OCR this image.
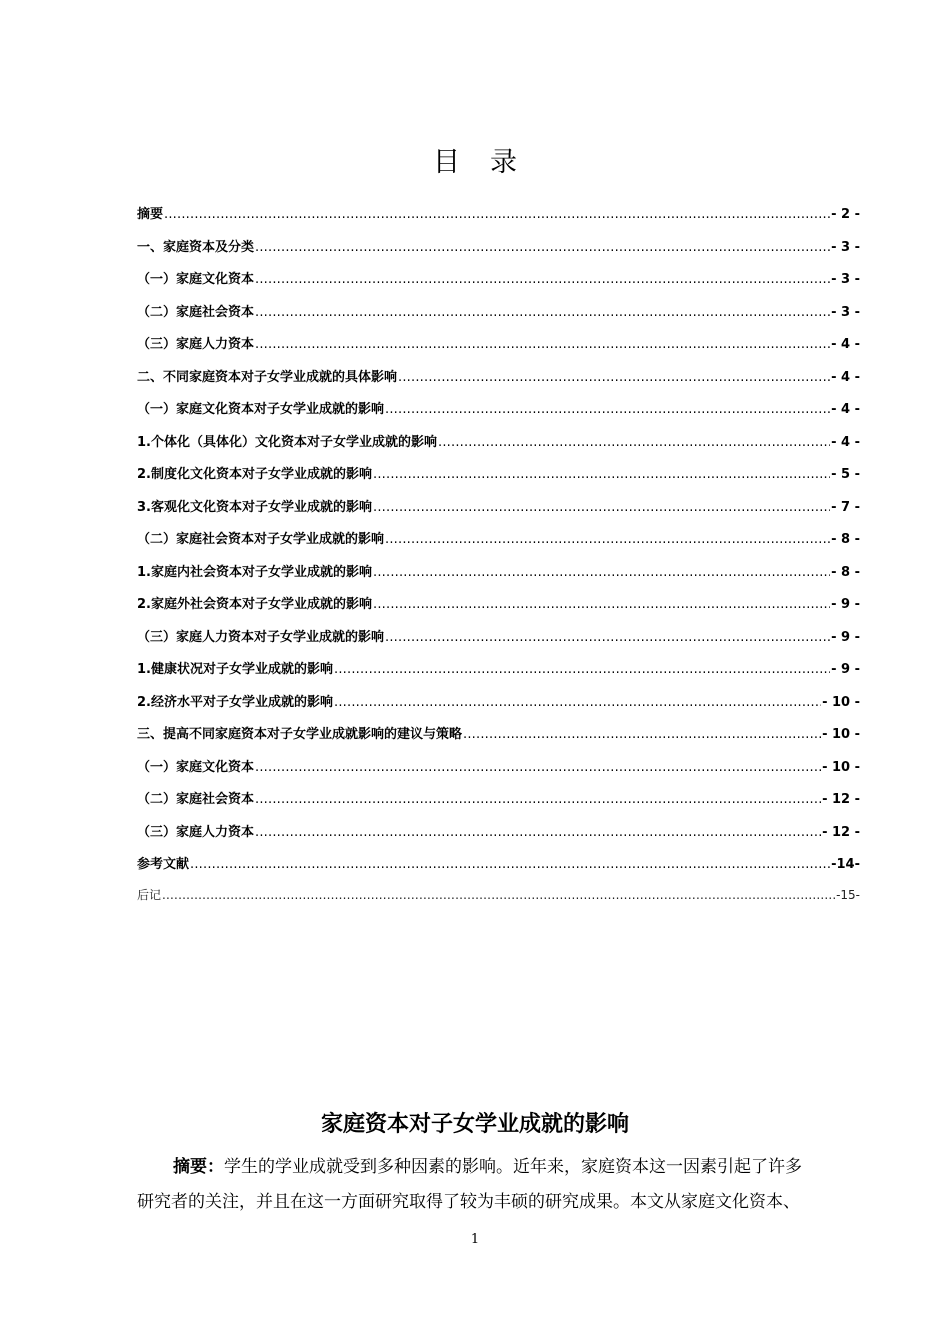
目 录
摘要 .....	- 2 -
一、家庭资本及分类 .....	- 3 -
（一）家庭文化资本 .....	- 3 -
（二）家庭社会资本 .....	- 3 -
（三）家庭人力资本 .....	- 4 -
二、不同家庭资本对子女学业成就的具体影响 .....	- 4 -
（一）家庭文化资本对子女学业成就的影响 .....	- 4 -
1.个体化（具体化）文化资本对子女学业成就的影响 .....	- 4 -
2.制度化文化资本对子女学业成就的影响 .....	- 5 -
3.客观化文化资本对子女学业成就的影响 .....	- 7 -
（二）家庭社会资本对子女学业成就的影响 .....	- 8 -
1.家庭内社会资本对子女学业成就的影响 .....	- 8 -
2.家庭外社会资本对子女学业成就的影响 .....	- 9 -
（三）家庭人力资本对子女学业成就的影响 .....	- 9 -
1.健康状况对子女学业成就的影响 .....	- 9 -
2.经济水平对子女学业成就的影响 .....	- 10 -
三、提高不同家庭资本对子女学业成就影响的建议与策略 .....	- 10 -
（一）家庭文化资本 .....	- 10 -
（二）家庭社会资本 .....	- 12 -
（三）家庭人力资本 .....	- 12 -
参考文献 .....	-14-
后记 .....	-15-
家庭资本对子女学业成就的影响
摘要：学生的学业成就受到多种因素的影响。近年来，家庭资本这一因素引起了许多
研究者的关注，并且在这一方面研究取得了较为丰硕的研究成果。本文从家庭文化资本、
1
